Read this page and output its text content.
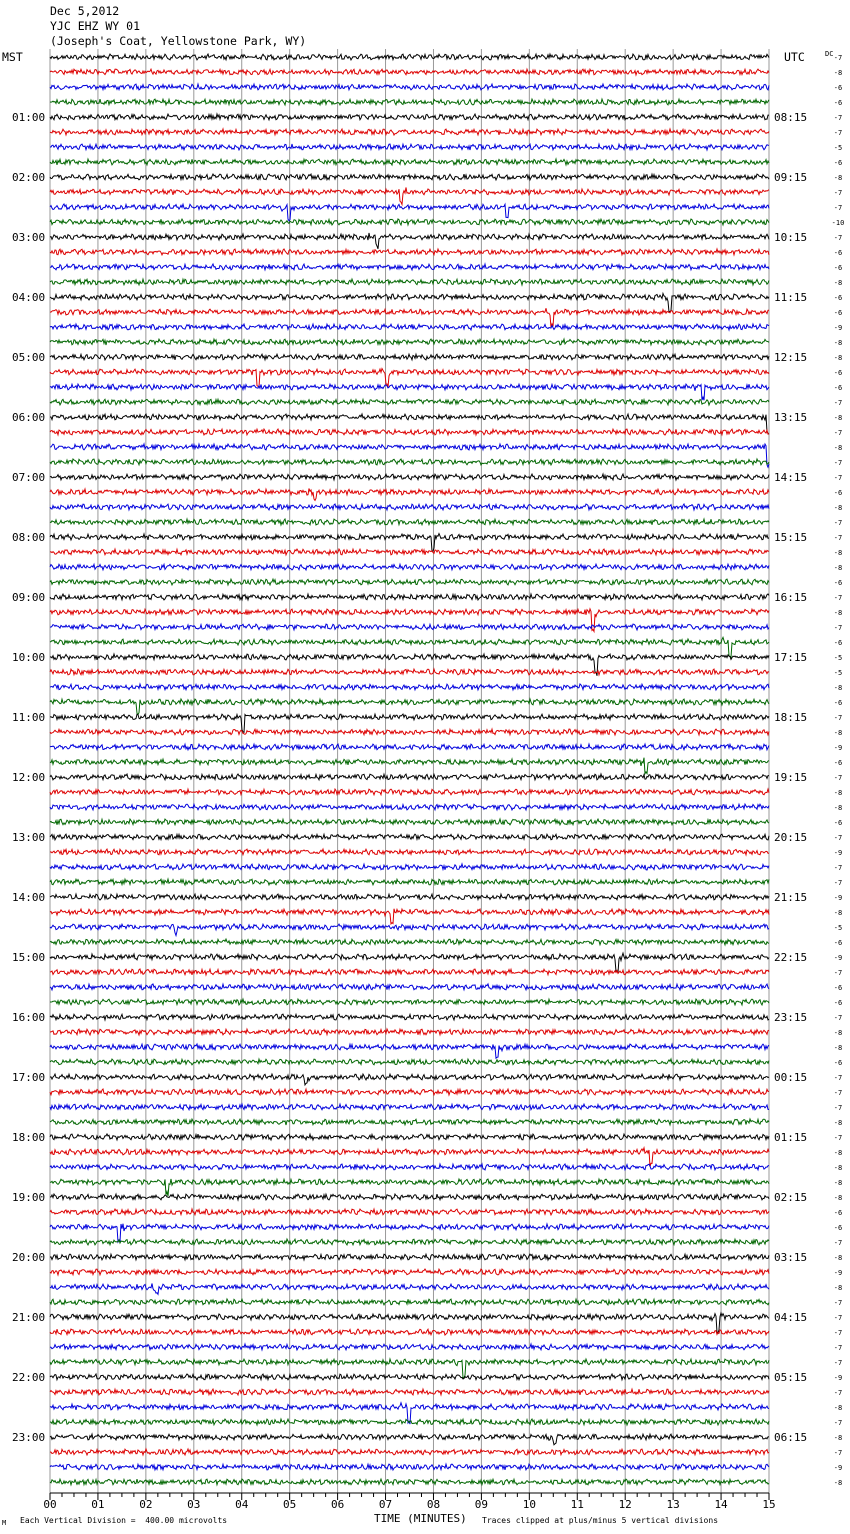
Dec 5,2012
YJC EHZ WY 01
(Joseph's Coat, Yellowstone Park, WY)
MST	UTC
00	01	02	03	04	05	06	07	08	09	10	11	12	13	14	15
-7
-8
-6
-6
-7
-7
-5
-6
-8
-7
-7
-10
-7
-6
-6
-8
-6
-6
-9
-8
-8
-6
-6
-7
-8
-7
-8
-7
-7
-6
-8
-7
-7
-8
-8
-6
-7
-8
-7
-6
-5
-5
-8
-6
-7
-8
-9
-6
-7
-8
-8
-6
-7
-9
-7
-7
-9
-8
-5
-6
-9
-7
-6
-6
-7
-8
-8
-6
-7
-7
-7
-8
-7
-8
-8
-8
-8
-6
-6
-7
-8
-9
-8
-7
-7
-7
-7
-7
-9
-7
-8
-7
-8
-7
-9
-8
DC
01:00	08:15
02:00	09:15
03:00	10:15
04:00	11:15
05:00	12:15
06:00	13:15
07:00	14:15
08:00	15:15
09:00	16:15
10:00	17:15
11:00	18:15
12:00	19:15
13:00	20:15
14:00	21:15
15:00	22:15
16:00	23:15
17:00	00:15
18:00	01:15
19:00	02:15
20:00	03:15
21:00	04:15
22:00	05:15
23:00	06:15
TIME (MINUTES)
Each Vertical Division =  400.00 microvolts	Traces clipped at plus/minus 5 vertical divisions
M
